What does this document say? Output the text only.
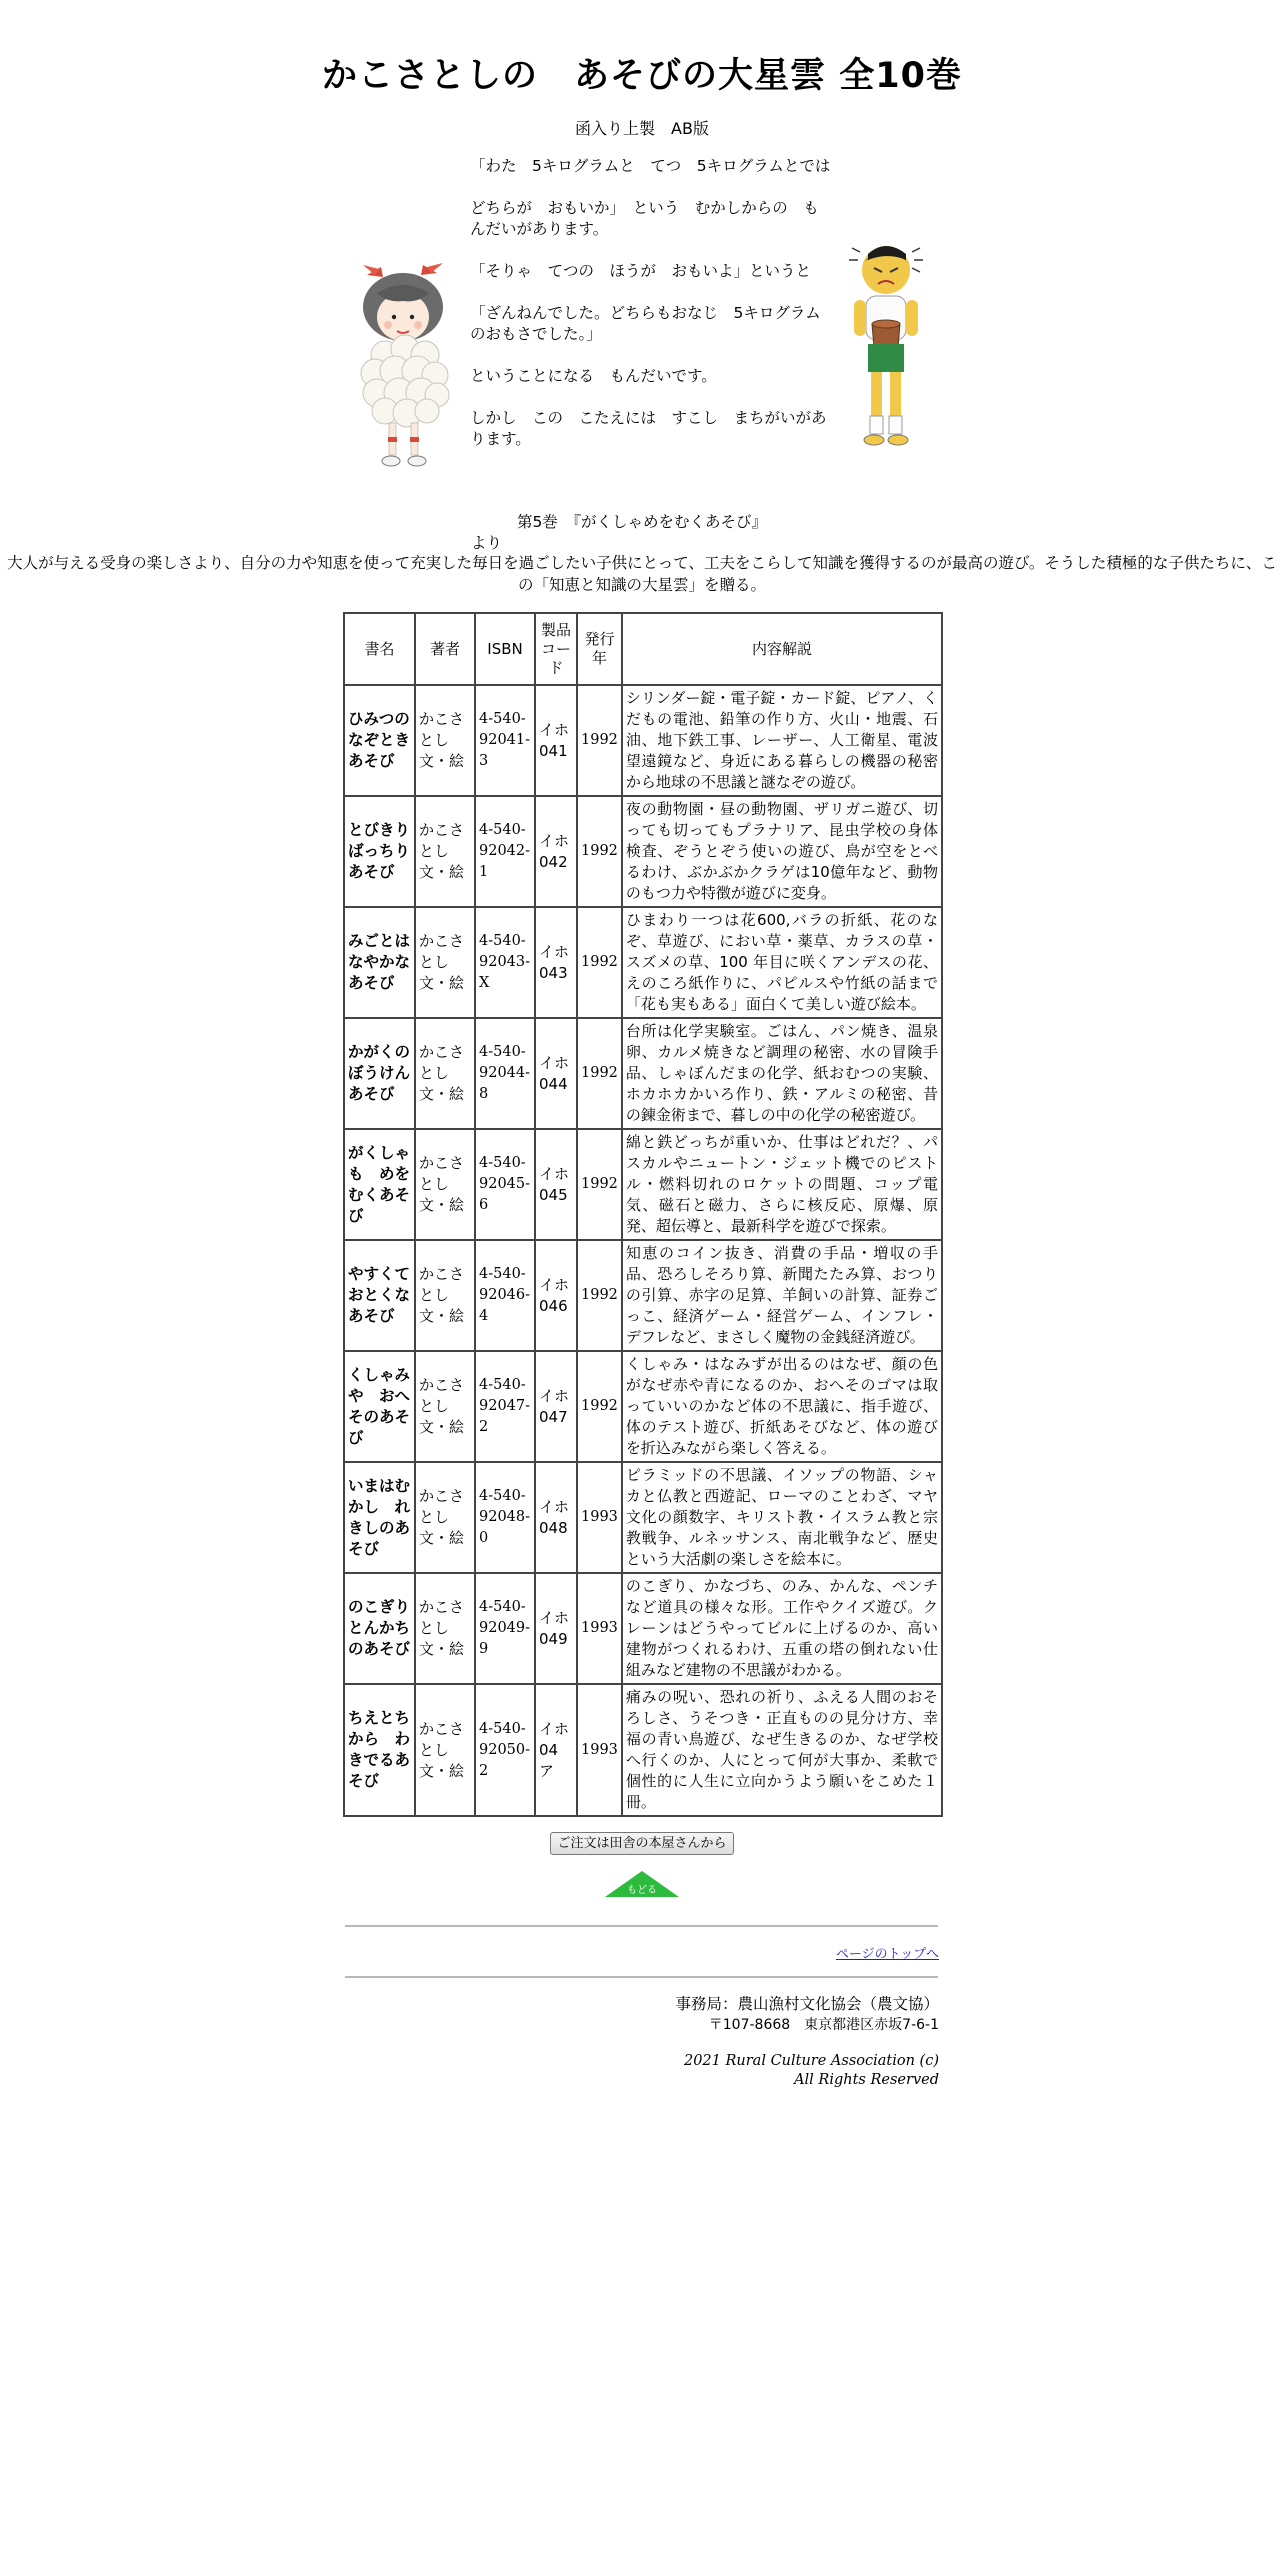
かこさとしの　あそびの大星雲 全10巻
函入り上製　AB版

「わた　5キログラムと　てつ　5キログラムとでは

どちらが　おもいか」　という　むかしからの　もんだいがあります。

「そりゃ　てつの　ほうが　おもいよ」というと

「ざんねんでした。どちらもおなじ　5キログラムのおもさでした。」

ということになる　もんだいです。

しかし　この　こたえには　すこし　まちがいがあります。

第5巻　『がくしゃめをむくあそび』
より
大人が与える受身の楽しさより、自分の力や知恵を使って充実した毎日を過ごしたい子供にとって、工夫をこらして知識を獲得するのが最高の遊び。そうした積極的な子供たちに、この「知恵と知識の大星雲」を贈る。
書名	著者	ISBN	製品コード	発行年	内容解説
ひみつのなぞときあそび	かこさとし文・絵	4-540-92041-3	イホ041	1992	シリンダー錠・電子錠・カード錠、ピアノ、くだもの電池、鉛筆の作り方、火山・地震、石油、地下鉄工事、レーザー、人工衛星、電波望遠鏡など、身近にある暮らしの機器の秘密から地球の不思議と謎なぞの遊び。
とびきりばっちりあそび	かこさとし文・絵	4-540-92042-1	イホ042	1992	夜の動物園・昼の動物園、ザリガニ遊び、切っても切ってもプラナリア、昆虫学校の身体検査、ぞうとぞう使いの遊び、鳥が空をとべるわけ、ぶかぶかクラゲは10億年など、動物のもつ力や特徴が遊びに変身。
みごとはなやかなあそび	かこさとし文・絵	4-540-92043-X	イホ043	1992	ひまわり一つは花600,バラの折紙、花のなぞ、草遊び、におい草・薬草、カラスの草・スズメの草、100 年目に咲くアンデスの花、えのころ紙作りに、パピルスや竹紙の話まで「花も実もある」面白くて美しい遊び絵本。
かがくのぼうけんあそび	かこさとし文・絵	4-540-92044-8	イホ044	1992	台所は化学実験室。ごはん、パン焼き、温泉卵、カルメ焼きなど調理の秘密、水の冒険手品、しゃぼんだまの化学、紙おむつの実験、ホカホカかいろ作り、鉄・アルミの秘密、昔の錬金術まで、暮しの中の化学の秘密遊び。
がくしゃも　めをむくあそび	かこさとし文・絵	4-540-92045-6	イホ045	1992	綿と鉄どっちが重いか、仕事はどれだ？、パスカルやニュートン・ジェット機でのピストル・燃料切れのロケットの問題、コップ電気、磁石と磁力、さらに核反応、原爆、原発、超伝導と、最新科学を遊びで探索。
やすくておとくなあそび	かこさとし文・絵	4-540-92046-4	イホ046	1992	知恵のコイン抜き、消費の手品・増収の手品、恐ろしそろり算、新聞たたみ算、おつりの引算、赤字の足算、羊飼いの計算、証券ごっこ、経済ゲーム・経営ゲーム、インフレ・デフレなど、まさしく魔物の金銭経済遊び。
くしゃみや　おへそのあそび	かこさとし文・絵	4-540-92047-2	イホ047	1992	くしゃみ・はなみずが出るのはなぜ、顔の色がなぜ赤や青になるのか、おへそのゴマは取っていいのかなど体の不思議に、指手遊び、体のテスト遊び、折紙あそびなど、体の遊びを折込みながら楽しく答える。
いまはむかし　れきしのあそび	かこさとし文・絵	4-540-92048-0	イホ048	1993	ピラミッドの不思議、イソップの物語、シャカと仏教と西遊記、ローマのことわざ、マヤ文化の顔数字、キリスト教・イスラム教と宗教戦争、ルネッサンス、南北戦争など、歴史という大活劇の楽しさを絵本に。
のこぎりとんかちのあそび	かこさとし文・絵	4-540-92049-9	イホ049	1993	のこぎり、かなづち、のみ、かんな、ペンチなど道具の様々な形。工作やクイズ遊び。クレーンはどうやってビルに上げるのか、高い建物がつくれるわけ、五重の塔の倒れない仕組みなど建物の不思議がわかる。
ちえとちから　わきでるあそび	かこさとし文・絵	4-540-92050-2	イホ04ア	1993	痛みの呪い、恐れの祈り、ふえる人間のおそろしさ、うそつき・正直ものの見分け方、幸福の青い鳥遊び、なぜ生きるのか、なぜ学校へ行くのか、人にとって何が大事か、柔軟で個性的に人生に立向かうよう願いをこめた１冊。
ご注文は田舎の本屋さんから
もどる
ページのトップへ
事務局：農山漁村文化協会（農文協）
〒107-8668　東京都港区赤坂7-6-1
2021 Rural Culture Association (c)
All Rights Reserved
